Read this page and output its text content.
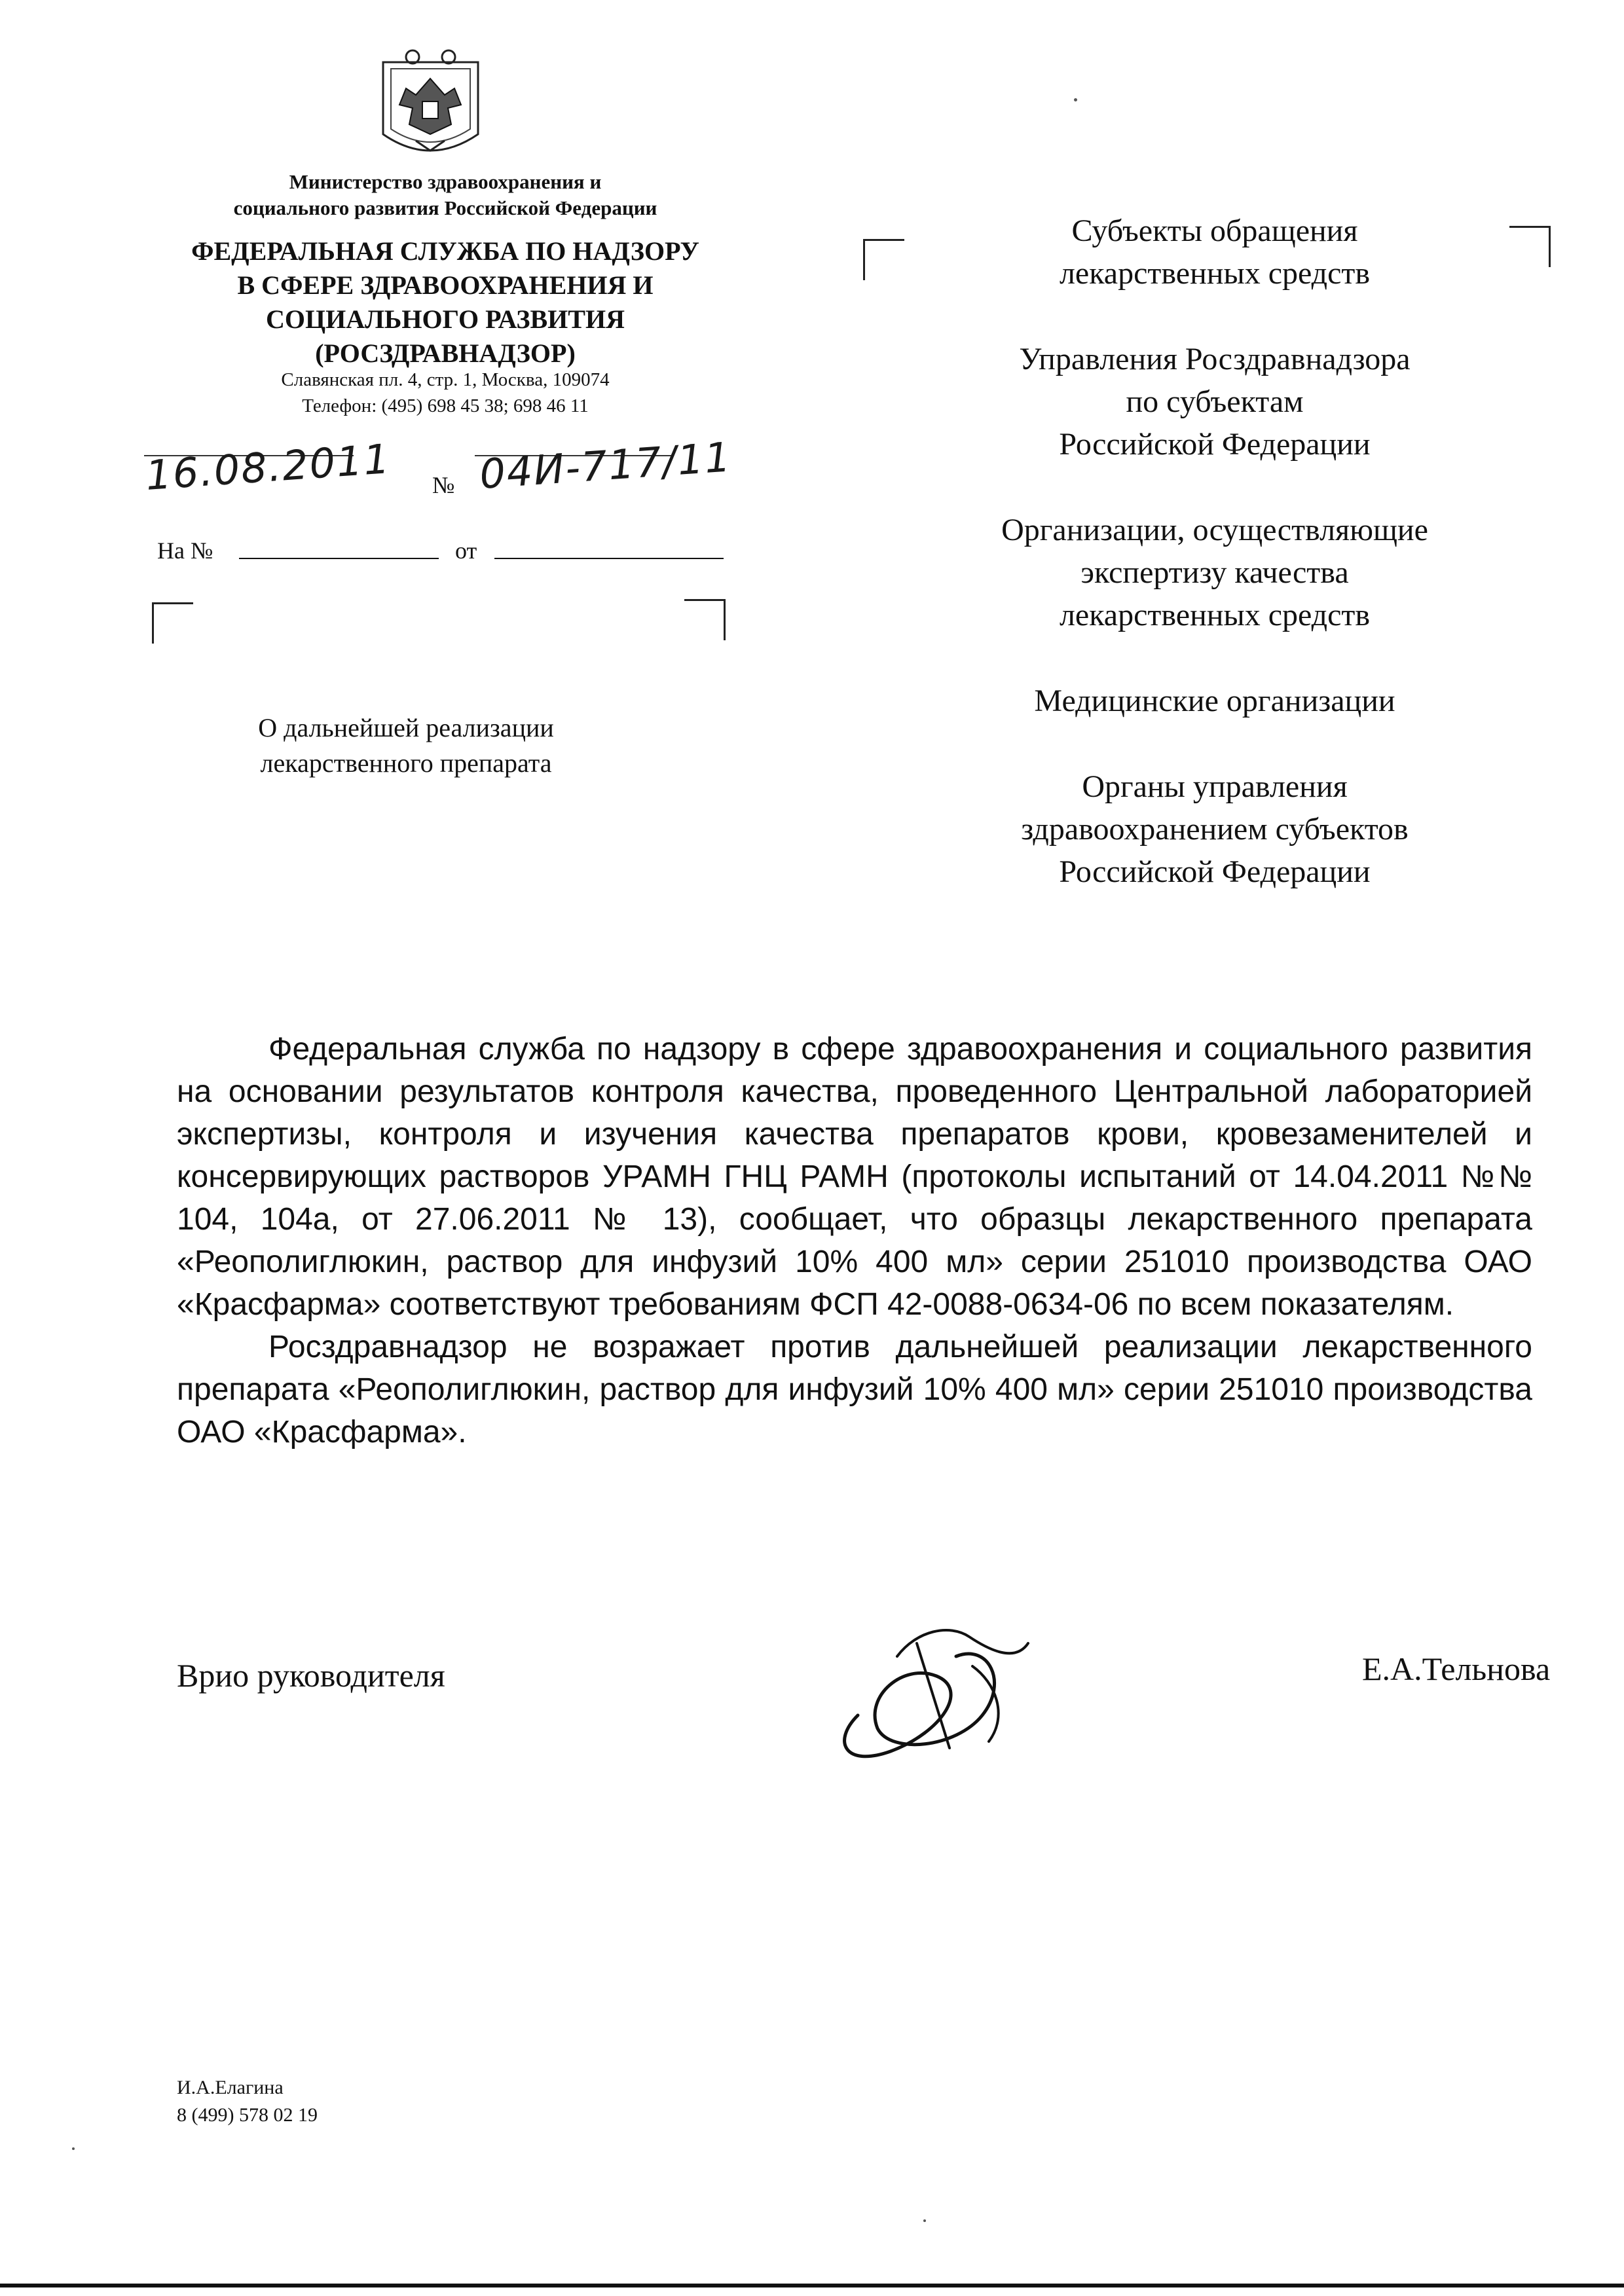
Министерство здравоохранения и
социального развития Российской Федерации
ФЕДЕРАЛЬНАЯ СЛУЖБА ПО НАДЗОРУ
В СФЕРЕ ЗДРАВООХРАНЕНИЯ И
СОЦИАЛЬНОГО РАЗВИТИЯ
(РОСЗДРАВНАДЗОР)
Славянская пл. 4, стр. 1, Москва, 109074
Телефон: (495) 698 45 38; 698 46 11
16.08.2011 № 04И-717/11
На №	от
О дальнейшей реализации
лекарственного препарата
Субъекты обращения
лекарственных средств
Управления Росздравнадзора
по субъектам
Российской Федерации
Организации, осуществляющие
экспертизу качества
лекарственных средств
Медицинские организации
Органы управления
здравоохранением субъектов
Российской Федерации

Федеральная служба по надзору в сфере здравоохранения и социального развития на основании результатов контроля качества, проведенного Центральной лабораторией экспертизы, контроля и изучения качества препаратов крови, кровезаменителей и консервирующих растворов УРАМН ГНЦ РАМН (протоколы испытаний от 14.04.2011 №№ 104, 104а, от 27.06.2011 № 13), сообщает, что образцы лекарственного препарата «Реополиглюкин, раствор для инфузий 10% 400 мл» серии 251010 производства ОАО «Красфарма» соответствуют требованиям ФСП 42-0088-0634-06 по всем показателям.

Росздравнадзор не возражает против дальнейшей реализации лекарственного препарата «Реополиглюкин, раствор для инфузий 10% 400 мл» серии 251010 производства ОАО «Красфарма».

Врио руководителя	Е.А.Тельнова
И.А.Елагина
8 (499) 578 02 19
